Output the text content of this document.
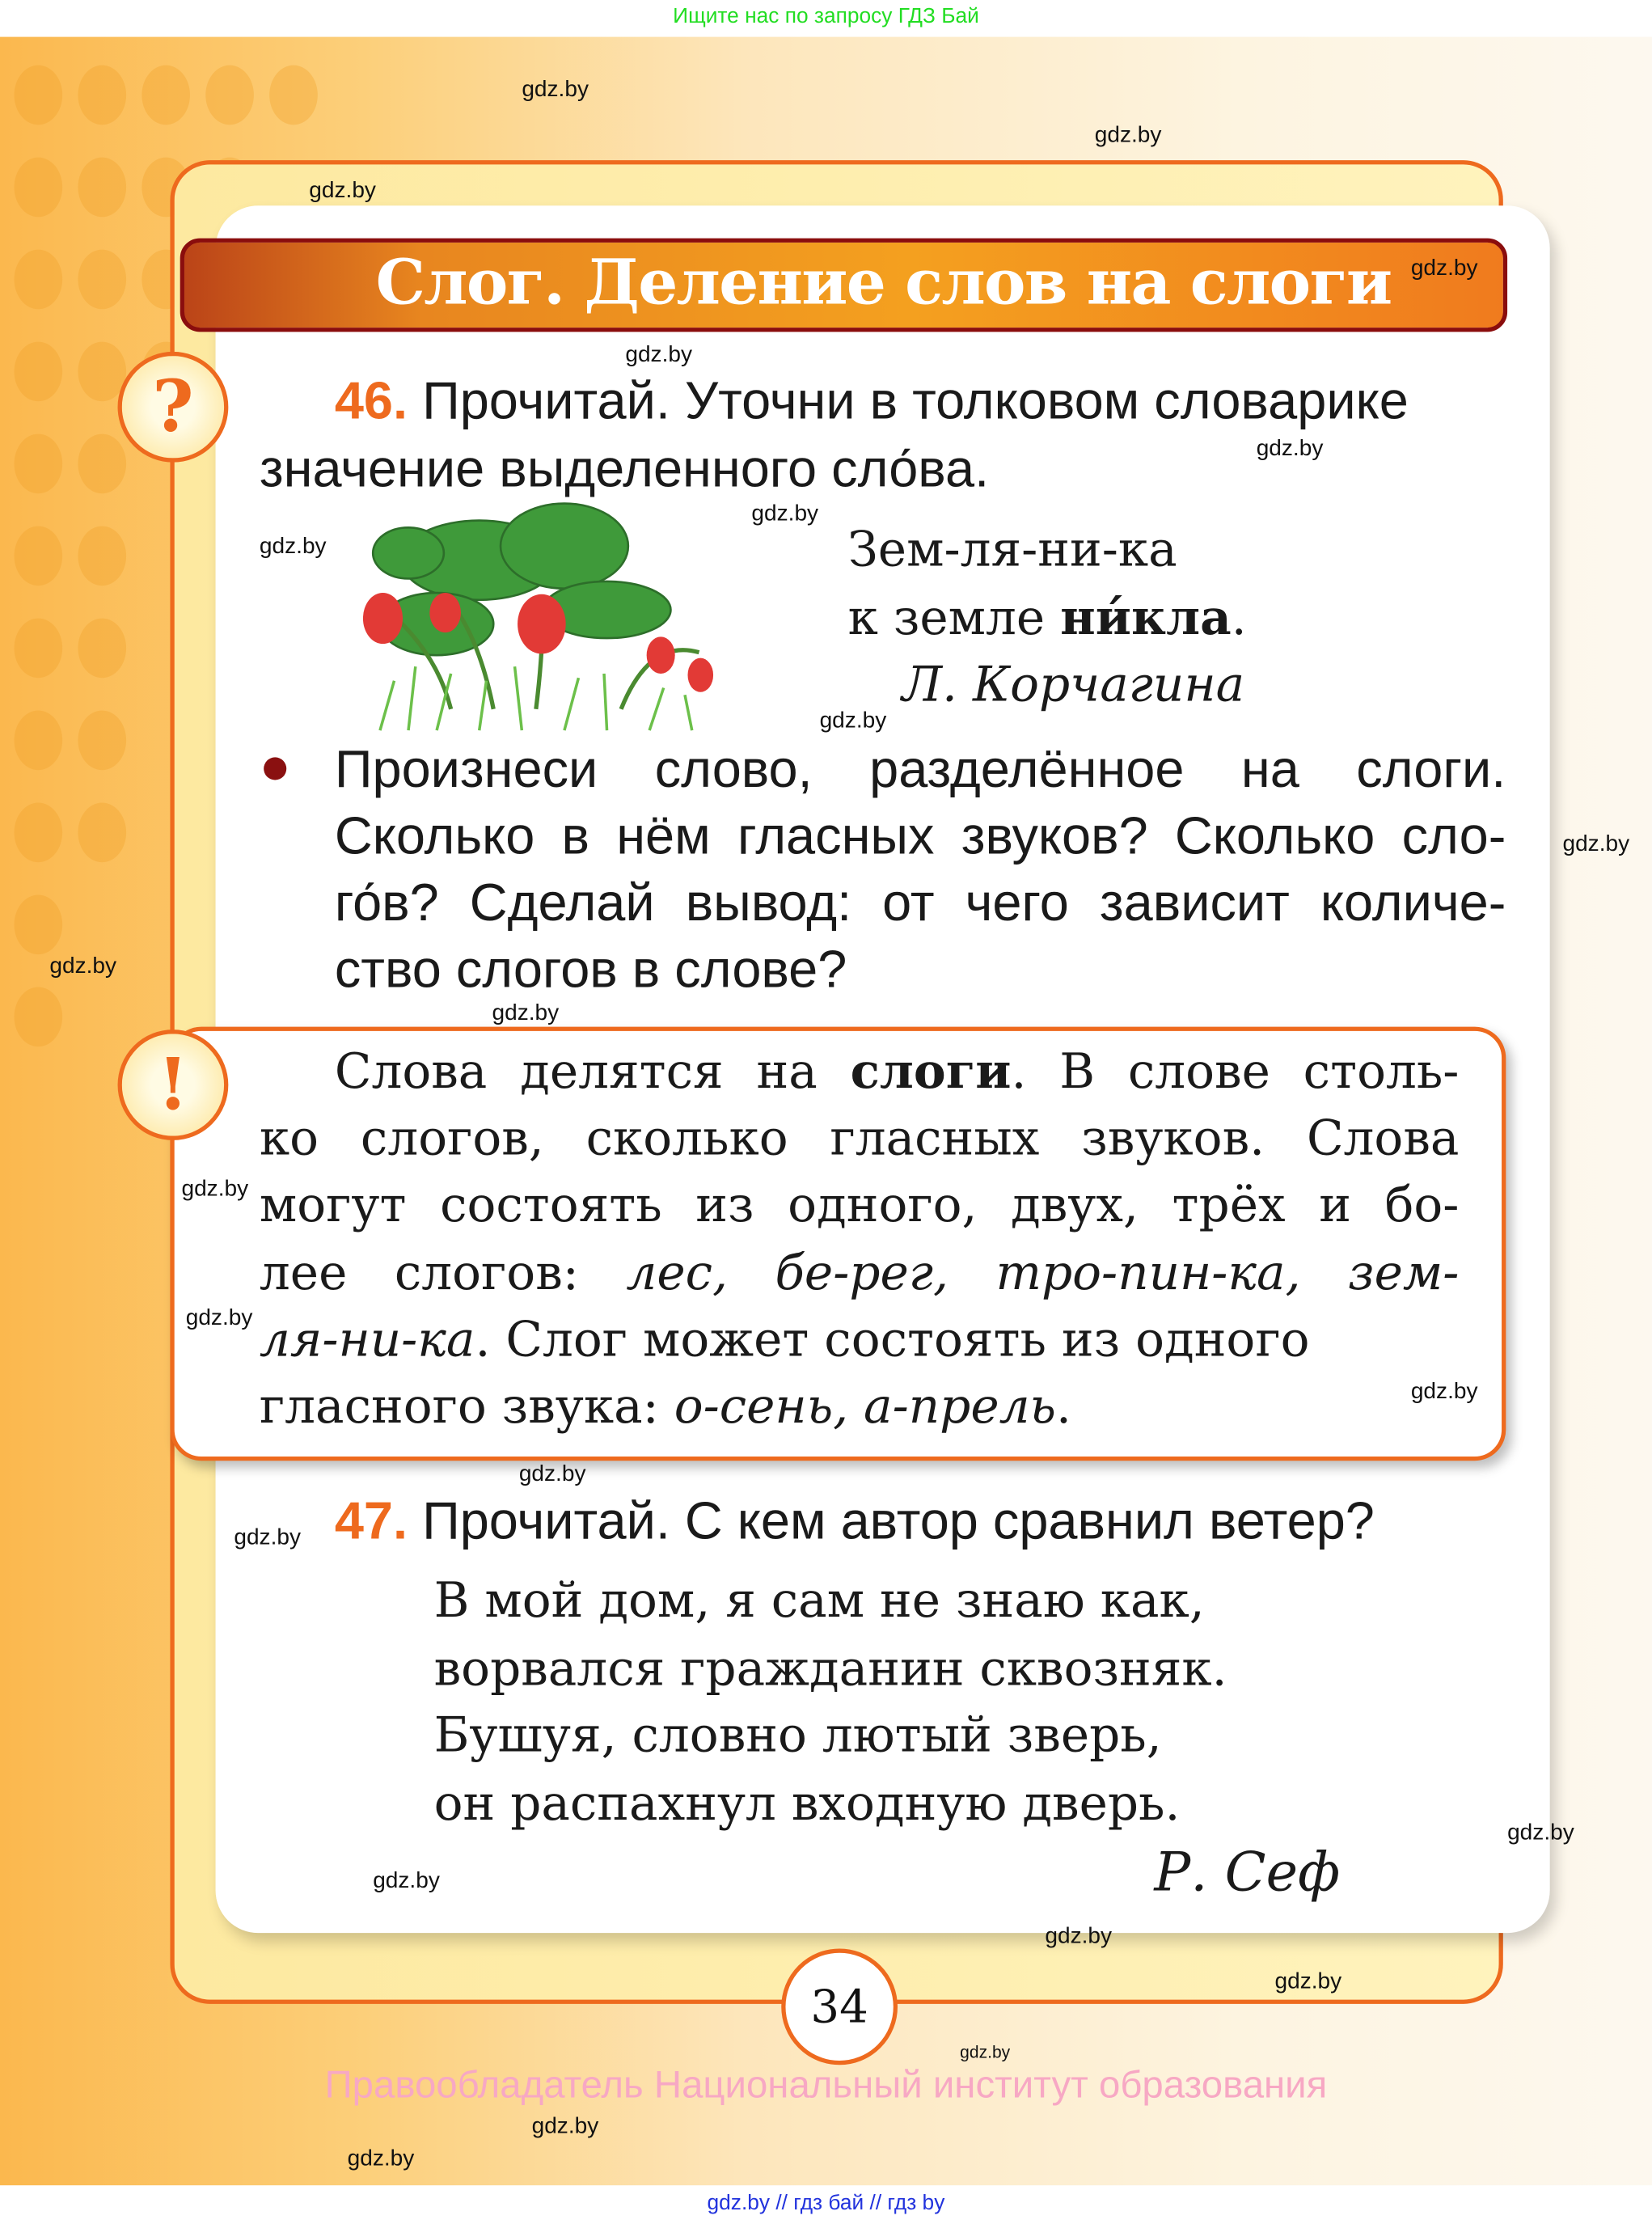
Ищите нас по запросу ГДЗ Бай
gdz.by // гдз бай // гдз by
Слог. Деление слов на слоги
?	46. Прочитай. Уточни в толковом словарике
значение выделенного сло́ва.
Зем-ля-ни-ка
к земле ни́кла.
Л. Корчагина
Произнеси слово, разделённое на слоги.
Сколько в нём гласных звуков? Сколько сло-
го́в? Сделай вывод: от чего зависит количе-
ство слогов в слове?
!	Слова делятся на слоги. В слове столь-
ко слогов, сколько гласных звуков. Слова
могут состоять из одного, двух, трёх и бо-
лее слогов: лес, бе-рег, тро-пин-ка, зем-
ля-ни-ка. Слог может состоять из одного
гласного звука: о-сень, а-прель.
47. Прочитай. С кем автор сравнил ветер?
В мой дом, я сам не знаю как,
ворвался гражданин сквозняк.
Бушуя, словно лютый зверь,
он распахнул входную дверь.
Р. Сеф
34
Правообладатель Национальный институт образования
gdz.by
gdz.by
gdz.by
gdz.by
gdz.by
gdz.by
gdz.by
gdz.by
gdz.by
gdz.by
gdz.by
gdz.by
gdz.by
gdz.by
gdz.by
gdz.by
gdz.by
gdz.by
gdz.by
gdz.by
gdz.by
gdz.by
gdz.by
gdz.by
